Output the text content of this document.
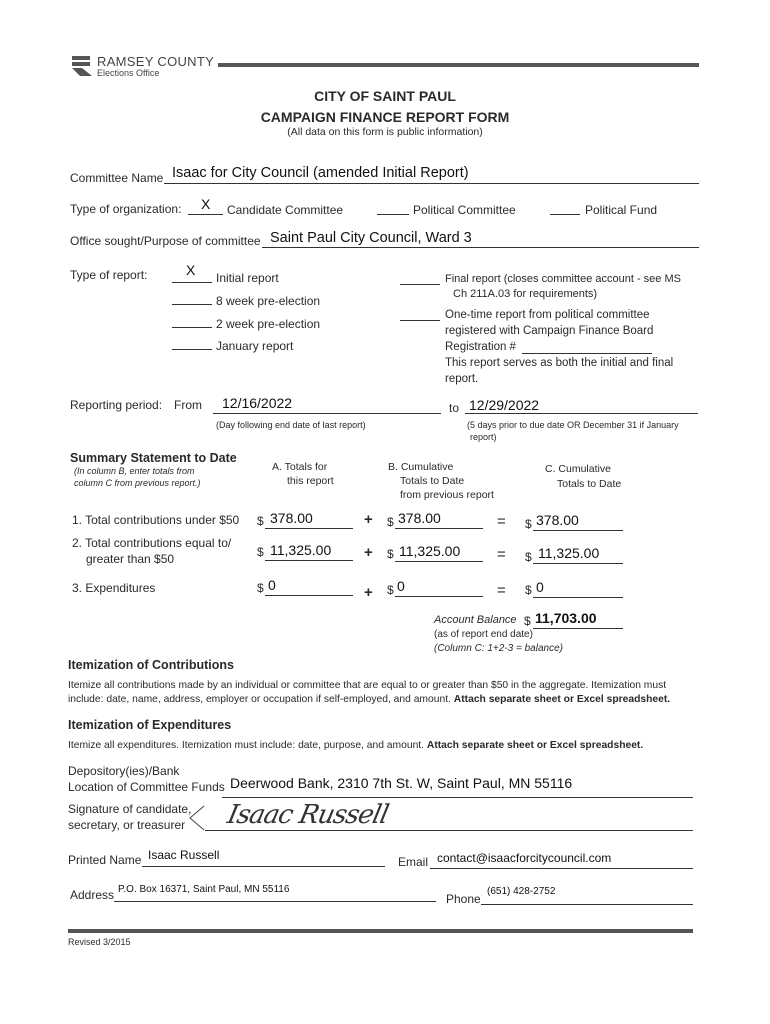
RAMSEY COUNTY
Elections Office
CITY OF SAINT PAUL
CAMPAIGN FINANCE REPORT FORM
(All data on this form is public information)
Committee Name Isaac for City Council (amended Initial Report)
Type of organization: X Candidate Committee	Political Committee	Political Fund
Office sought/Purpose of committee Saint Paul City Council, Ward 3
Type of report:	X Initial report
8 week pre-election
2 week pre-election
January report
Final report (closes committee account - see MS
Ch 211A.03 for requirements)
One-time report from political committee
registered with Campaign Finance Board
Registration #
This report serves as both the initial and final
report.
Reporting period: From 12/16/2022
(Day following end date of last report)
to 12/29/2022
(5 days prior to due date OR December 31 if January
report)
Summary Statement to Date
(In column B, enter totals from
column C from previous report.)
A. Totals for
this report
B. Cumulative
Totals to Date
from previous report
C. Cumulative
Totals to Date
1. Total contributions under $50 $ 378.00	+ $ 378.00	= $ 378.00
2. Total contributions equal to/
greater than $50	$ 11,325.00 + $ 11,325.00 = $ 11,325.00
3. Expenditures	$ 0	+ $ 0	= $ 0
Account Balance $ 11,703.00
(as of report end date)
(Column C: 1+2-3 = balance)
Itemization of Contributions
Itemize all contributions made by an individual or committee that are equal to or greater than $50 in the aggregate. Itemization must
include: date, name, address, employer or occupation if self-employed, and amount. Attach separate sheet or Excel spreadsheet.
Itemization of Expenditures
Itemize all expenditures. Itemization must include: date, purpose, and amount. Attach separate sheet or Excel spreadsheet.
Depository(ies)/Bank
Location of Committee Funds Deerwood Bank, 2310 7th St. W, Saint Paul, MN 55116
Signature of candidate,
secretary, or treasurer Isaac Russell
Printed Name Isaac Russell	Email contact@isaacforcitycouncil.com
Address P.O. Box 16371, Saint Paul, MN 55116
Phone
(651) 428-2752
Revised 3/2015
